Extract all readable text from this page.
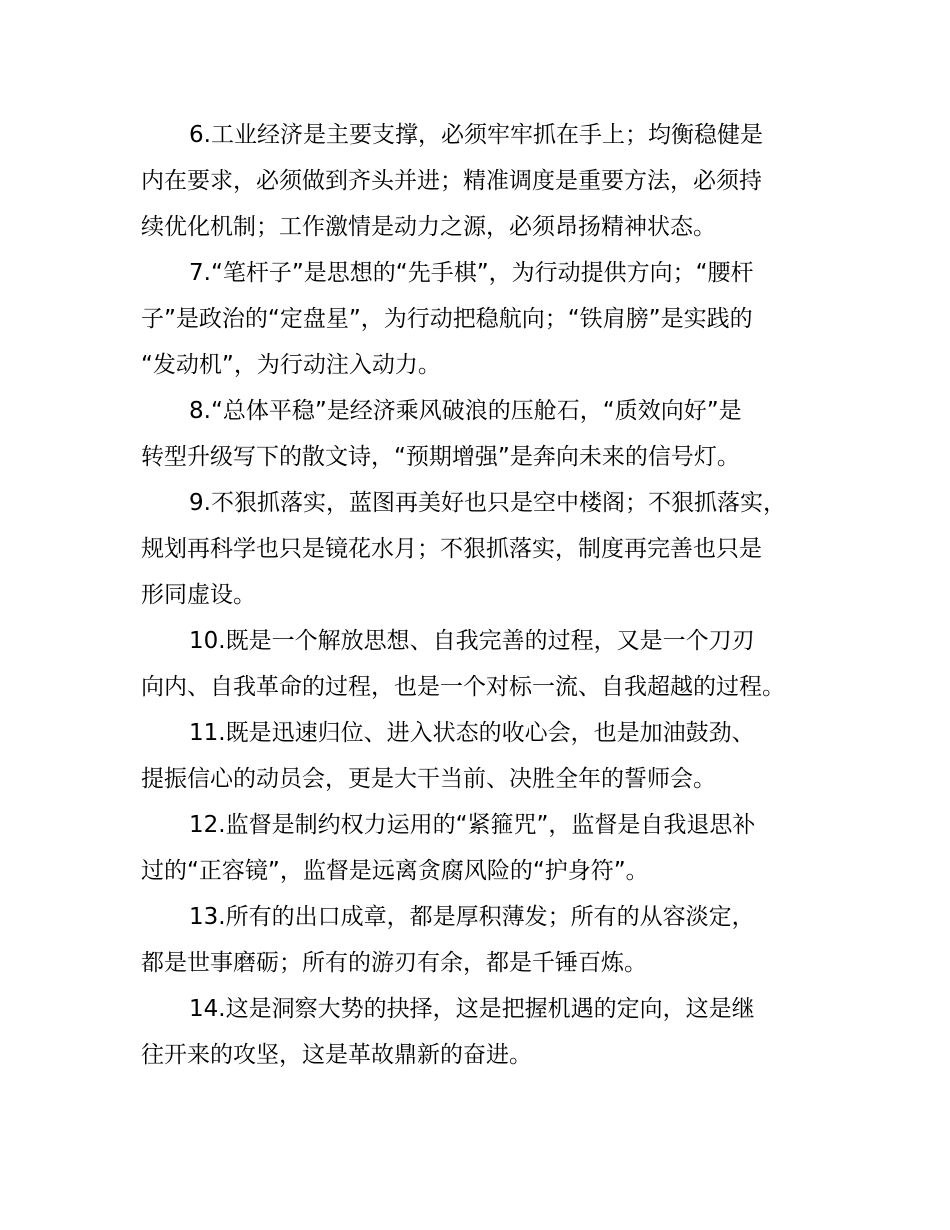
6.工业经济是主要支撑，必须牢牢抓在手上；均衡稳健是
内在要求，必须做到齐头并进；精准调度是重要方法，必须持
续优化机制；工作激情是动力之源，必须昂扬精神状态。
7.“笔杆子”是思想的“先手棋”，为行动提供方向；“腰杆
子”是政治的“定盘星”，为行动把稳航向；“铁肩膀”是实践的
“发动机”，为行动注入动力。
8.“总体平稳”是经济乘风破浪的压舱石，“质效向好”是
转型升级写下的散文诗，“预期增强”是奔向未来的信号灯。
9.不狠抓落实，蓝图再美好也只是空中楼阁；不狠抓落实，
规划再科学也只是镜花水月；不狠抓落实，制度再完善也只是
形同虚设。
10.既是一个解放思想、自我完善的过程，又是一个刀刃
向内、自我革命的过程，也是一个对标一流、自我超越的过程。
11.既是迅速归位、进入状态的收心会，也是加油鼓劲、
提振信心的动员会，更是大干当前、决胜全年的誓师会。
12.监督是制约权力运用的“紧箍咒”，监督是自我退思补
过的“正容镜”，监督是远离贪腐风险的“护身符”。
13.所有的出口成章，都是厚积薄发；所有的从容淡定，
都是世事磨砺；所有的游刃有余，都是千锤百炼。
14.这是洞察大势的抉择，这是把握机遇的定向，这是继
往开来的攻坚，这是革故鼎新的奋进。
